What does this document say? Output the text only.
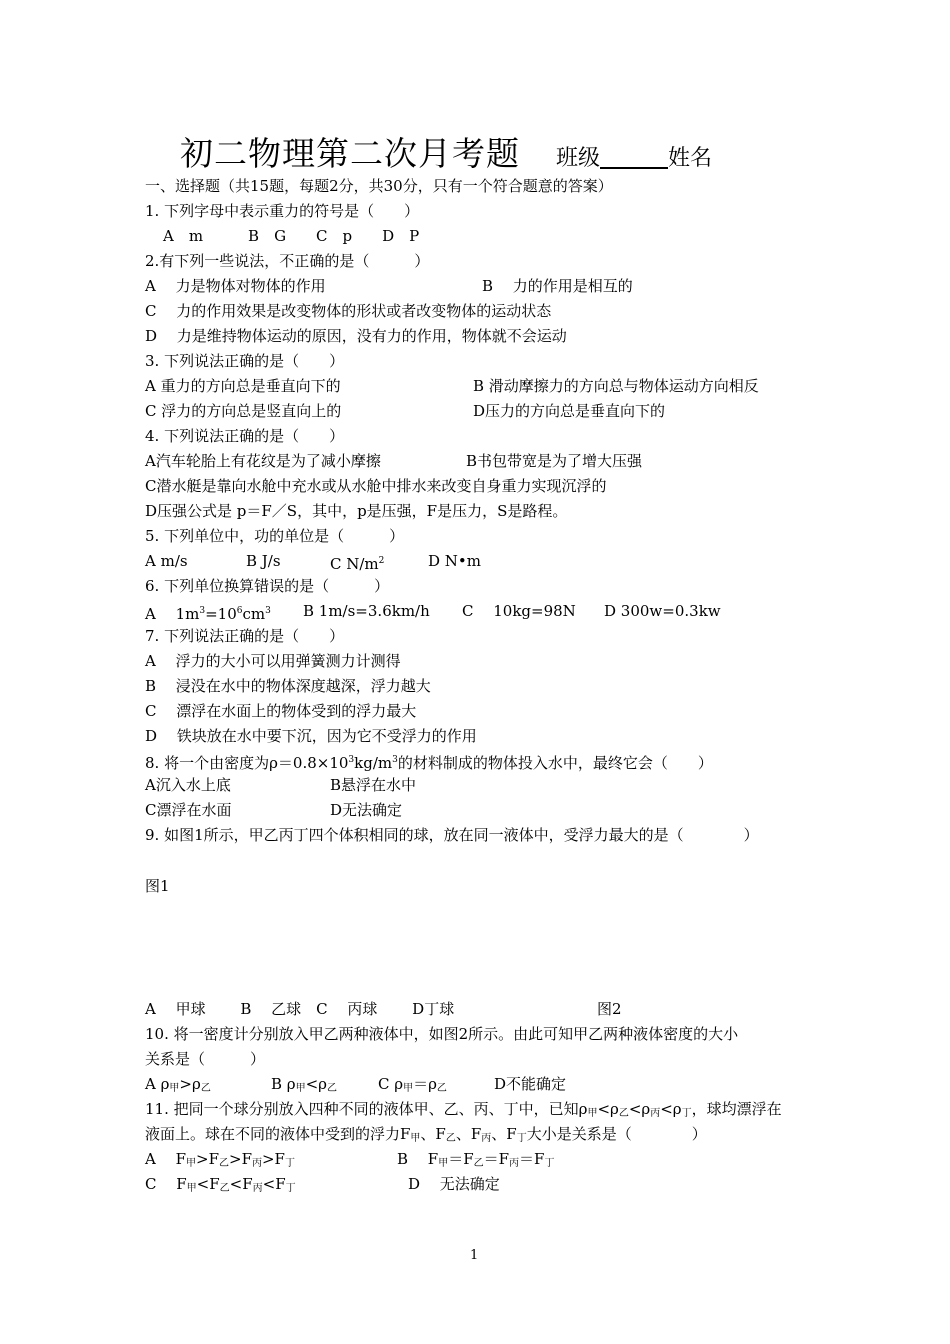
初二物理第二次月考题 班级	姓名
一、选择题（共15题，每题2分，共30分，只有一个符合题意的答案）
1. 下列字母中表示重力的符号是（　　）
A　m　　　B　G　　C　p　　D　P
2.有下列一些说法，不正确的是（　　　）
A　 力是物体对物体的作用	B　 力的作用是相互的
C　 力的作用效果是改变物体的形状或者改变物体的运动状态
D　 力是维持物体运动的原因，没有力的作用，物体就不会运动
3. 下列说法正确的是（　　）
A 重力的方向总是垂直向下的	B 滑动摩擦力的方向总与物体运动方向相反
C 浮力的方向总是竖直向上的	D压力的方向总是垂直向下的
4. 下列说法正确的是（　　）
A汽车轮胎上有花纹是为了减小摩擦	B书包带宽是为了增大压强
C潜水艇是靠向水舱中充水或从水舱中排水来改变自身重力实现沉浮的
D压强公式是 p＝F／S，其中，p是压强，F是压力，S是路程。
5. 下列单位中，功的单位是（　　　）
A m/s	B J/s	C $N/m^2$	D N•m
6. 下列单位换算错误的是（　　　）
A　 $1m^3=10^6cm^3$ B 1m/s=3.6km/h C　 10kg=98N D 300w=0.3kw
7. 下列说法正确的是（　　）
A　 浮力的大小可以用弹簧测力计测得
B　 浸没在水中的物体深度越深，浮力越大
C　 漂浮在水面上的物体受到的浮力最大
D　 铁块放在水中要下沉，因为它不受浮力的作用
8. 将一个由密度为$\rho=0.8\times 10^3kg/m^3$的材料制成的物体投入水中，最终它会（　　）
A沉入水上底	B悬浮在水中
C漂浮在水面	D无法确定
9. 如图1所示，甲乙丙丁四个体积相同的球，放在同一液体中，受浮力最大的是（　　　　）
图1
A　 甲球　　 B　 乙球　C　 丙球　　 D丁球	图2
10. 将一密度计分别放入甲乙两种液体中，如图2所示。由此可知甲乙两种液体密度的大小
关系是（　　　）
A $\rho_甲>\rho_乙$	B $\rho_甲<\rho_乙$	C $\rho_甲=\rho_乙$	D不能确定
11. 把同一个球分别放入四种不同的液体甲、乙、丙、丁中，已知$\rho_甲<\rho_乙<\rho_丙<\rho_丁$，球均漂浮在
液面上。球在不同的液体中受到的浮力$F_甲$、$F_乙$、$F_丙$、$F_丁$大小是关系是（　　　　）
A　 $F_甲>F_乙>F_丙>F_丁$	B　 $F_甲=F_乙=F_丙=F_丁$
C　 $F_甲<F_乙<F_丙<F_丁$	D　 无法确定
1
